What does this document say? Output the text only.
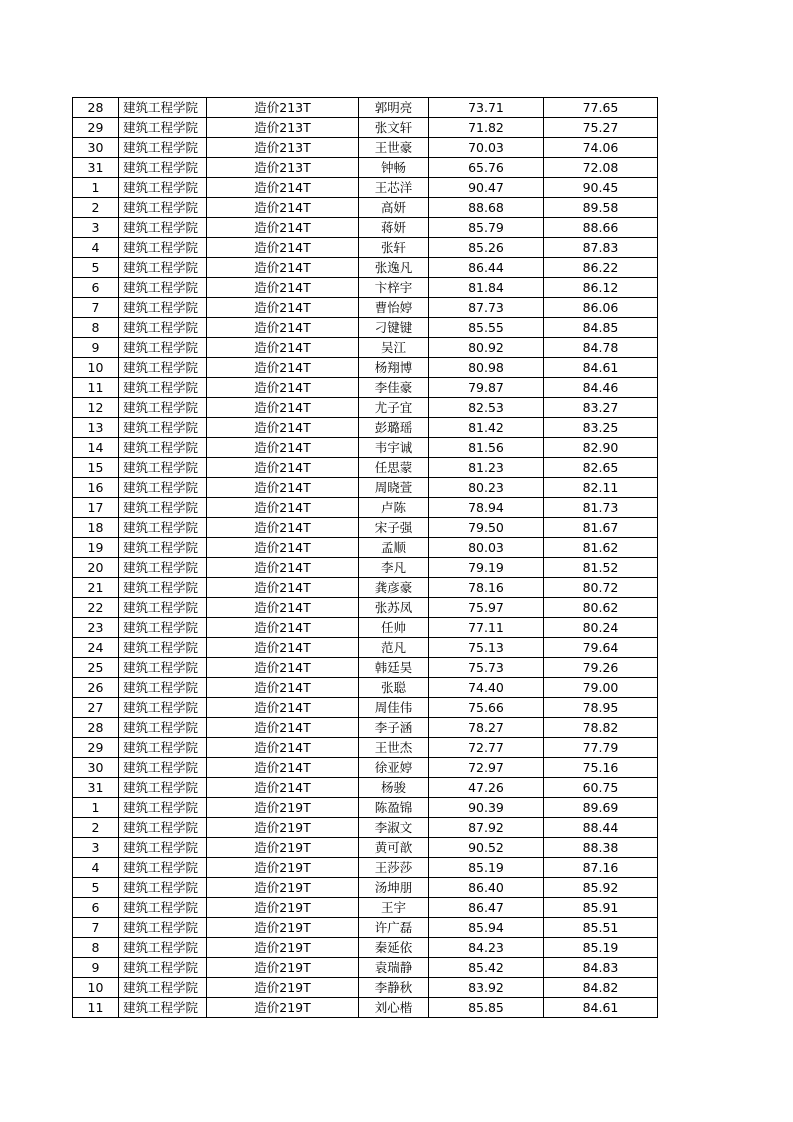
28	建筑工程学院	造价213T	郭明亮	73.71	77.65
29	建筑工程学院	造价213T	张文轩	71.82	75.27
30	建筑工程学院	造价213T	王世豪	70.03	74.06
31	建筑工程学院	造价213T	钟畅	65.76	72.08
1	建筑工程学院	造价214T	王芯洋	90.47	90.45
2	建筑工程学院	造价214T	高妍	88.68	89.58
3	建筑工程学院	造价214T	蒋妍	85.79	88.66
4	建筑工程学院	造价214T	张轩	85.26	87.83
5	建筑工程学院	造价214T	张逸凡	86.44	86.22
6	建筑工程学院	造价214T	卞梓宇	81.84	86.12
7	建筑工程学院	造价214T	曹怡婷	87.73	86.06
8	建筑工程学院	造价214T	刁键键	85.55	84.85
9	建筑工程学院	造价214T	吴江	80.92	84.78
10	建筑工程学院	造价214T	杨翔博	80.98	84.61
11	建筑工程学院	造价214T	李佳豪	79.87	84.46
12	建筑工程学院	造价214T	尤子宜	82.53	83.27
13	建筑工程学院	造价214T	彭璐瑶	81.42	83.25
14	建筑工程学院	造价214T	韦宇诚	81.56	82.90
15	建筑工程学院	造价214T	任思蒙	81.23	82.65
16	建筑工程学院	造价214T	周晓萱	80.23	82.11
17	建筑工程学院	造价214T	卢陈	78.94	81.73
18	建筑工程学院	造价214T	宋子强	79.50	81.67
19	建筑工程学院	造价214T	孟顺	80.03	81.62
20	建筑工程学院	造价214T	李凡	79.19	81.52
21	建筑工程学院	造价214T	龚彦豪	78.16	80.72
22	建筑工程学院	造价214T	张苏凤	75.97	80.62
23	建筑工程学院	造价214T	任帅	77.11	80.24
24	建筑工程学院	造价214T	范凡	75.13	79.64
25	建筑工程学院	造价214T	韩廷昊	75.73	79.26
26	建筑工程学院	造价214T	张聪	74.40	79.00
27	建筑工程学院	造价214T	周佳伟	75.66	78.95
28	建筑工程学院	造价214T	李子涵	78.27	78.82
29	建筑工程学院	造价214T	王世杰	72.77	77.79
30	建筑工程学院	造价214T	徐亚婷	72.97	75.16
31	建筑工程学院	造价214T	杨骏	47.26	60.75
1	建筑工程学院	造价219T	陈盈锦	90.39	89.69
2	建筑工程学院	造价219T	李淑文	87.92	88.44
3	建筑工程学院	造价219T	黄可歆	90.52	88.38
4	建筑工程学院	造价219T	王莎莎	85.19	87.16
5	建筑工程学院	造价219T	汤坤朋	86.40	85.92
6	建筑工程学院	造价219T	王宇	86.47	85.91
7	建筑工程学院	造价219T	许广磊	85.94	85.51
8	建筑工程学院	造价219T	秦延依	84.23	85.19
9	建筑工程学院	造价219T	袁瑞静	85.42	84.83
10	建筑工程学院	造价219T	李静秋	83.92	84.82
11	建筑工程学院	造价219T	刘心楷	85.85	84.61
